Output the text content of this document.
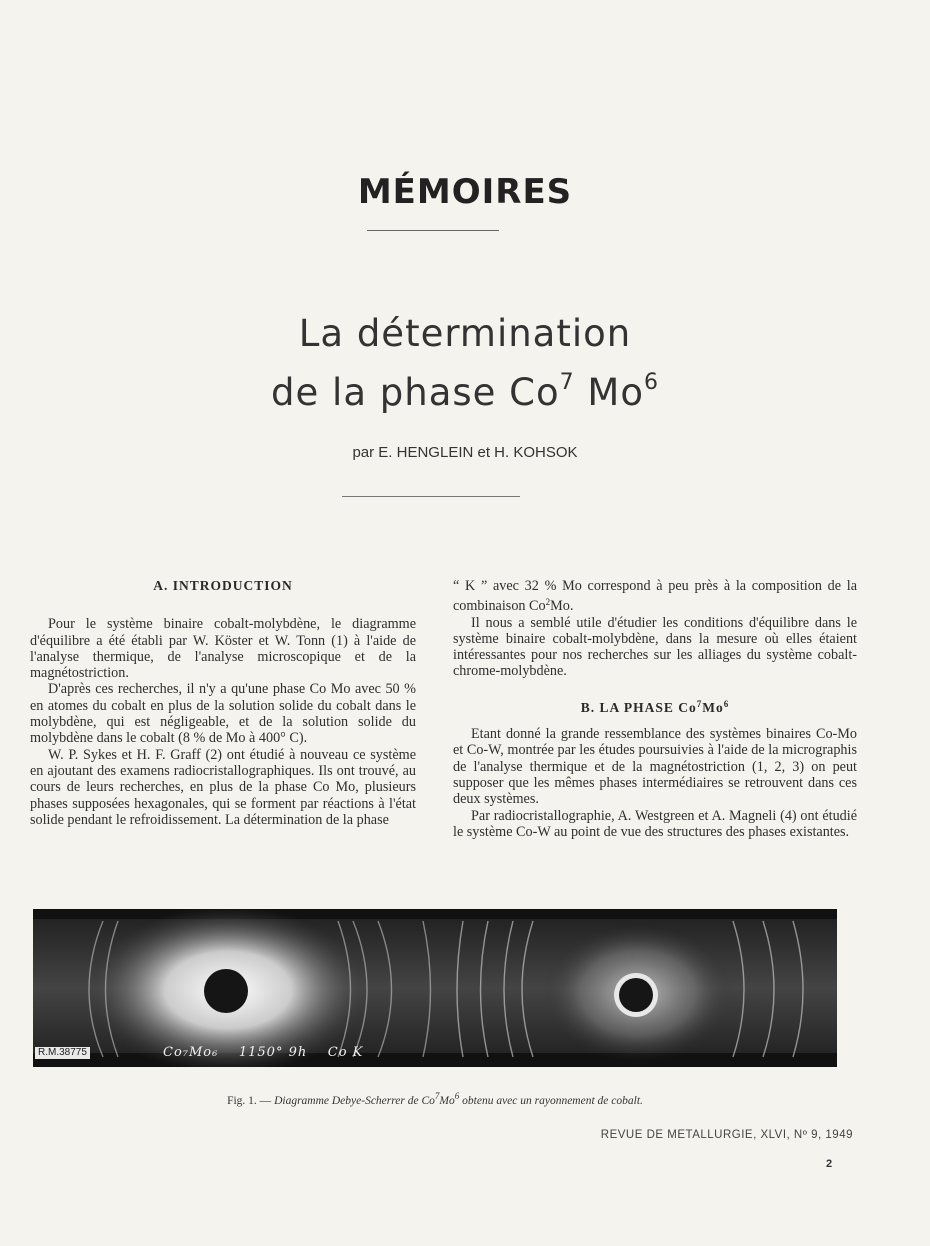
MÉMOIRES
La détermination
de la phase Co$^7$ Mo$^6$
par E. HENGLEIN et H. KOHSOK
A. INTRODUCTION

Pour le système binaire cobalt-molybdène, le diagramme d'équilibre a été établi par W. Köster et W. Tonn (1) à l'aide de l'analyse thermique, de l'analyse microscopique et de la magnétostriction.

D'après ces recherches, il n'y a qu'une phase Co Mo avec 50 % en atomes du cobalt en plus de la solution solide du cobalt dans le molybdène, qui est négligeable, et de la solution solide du molybdène dans le cobalt (8 % de Mo à 400° C).

W. P. Sykes et H. F. Graff (2) ont étudié à nouveau ce système en ajoutant des examens radiocristallographiques. Ils ont trouvé, au cours de leurs recherches, en plus de la phase Co Mo, plusieurs phases supposées hexagonales, qui se forment par réactions à l'état solide pendant le refroidissement. La détermination de la phase

“ K ” avec 32 % Mo correspond à peu près à la composition de la combinaison Co$^2$Mo.

Il nous a semblé utile d'étudier les conditions d'équilibre dans le système binaire cobalt-molybdène, dans la mesure où elles étaient intéressantes pour nos recherches sur les alliages du système cobalt-chrome-molybdène.

B. LA PHASE Co$^7$Mo$^6$

Etant donné la grande ressemblance des systèmes binaires Co-Mo et Co-W, montrée par les études poursuivies à l'aide de la micrographis de l'analyse thermique et de la magnétostriction (1, 2, 3) on peut supposer que les mêmes phases intermédiaires se retrouvent dans ces deux systèmes.

Par radiocristallographie, A. Westgreen et A. Magneli (4) ont étudié le système Co-W au point de vue des structures des phases existantes.

R.M.38775	Co₇Mo₆    1150° 9h    Co K
Fig. 1. — Diagramme Debye-Scherrer de Co$^7$Mo$^6$ obtenu avec un rayonnement de cobalt.
REVUE DE METALLURGIE, XLVI, Nº 9, 1949
2
